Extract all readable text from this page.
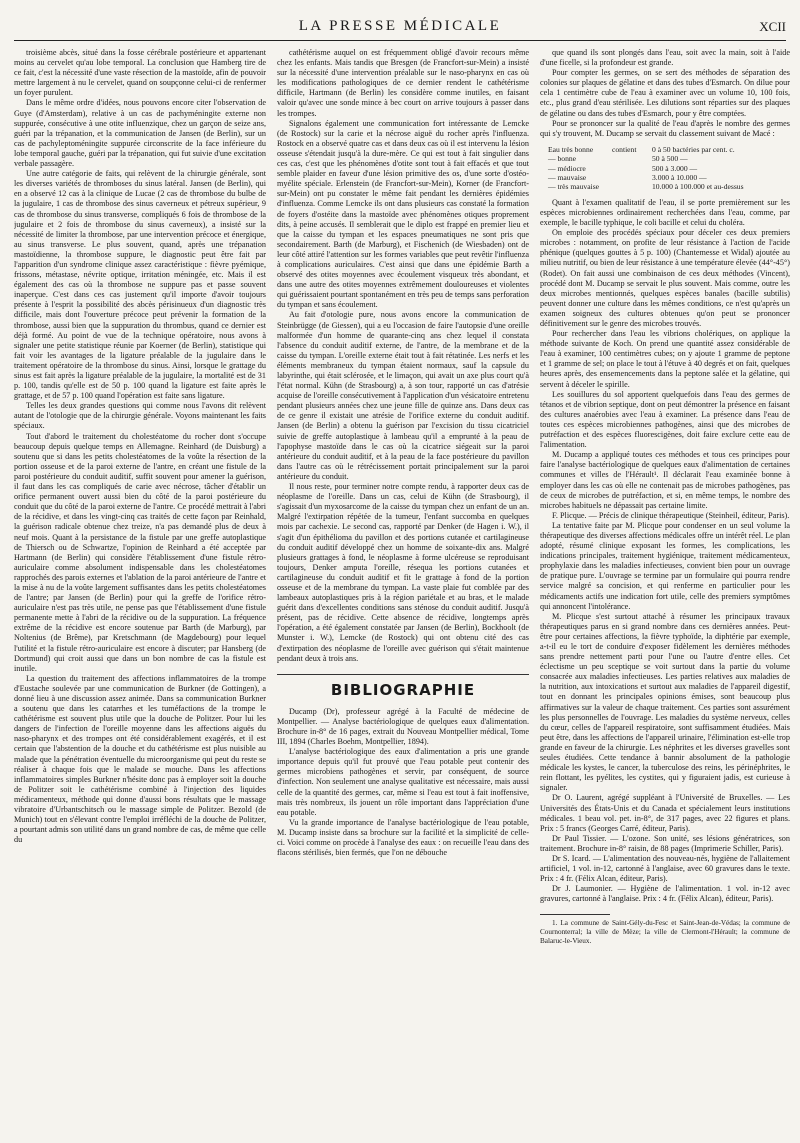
LA PRESSE MÉDICALE	XCII

troisième abcès, situé dans la fosse cérébrale postérieure et appartenant moins au cervelet qu'au lobe temporal. La conclusion que Hamberg tire de ce fait, c'est la nécessité d'une vaste résection de la mastoïde, afin de pouvoir mettre largement à nu le cervelet, quand on soupçonne celui-ci de renfermer un foyer purulent.

Dans le même ordre d'idées, nous pouvons encore citer l'observation de Guye (d'Amsterdam), relative à un cas de pachyméningite externe non suppurée, consécutive à une otite influenzique, chez un garçon de seize ans, guéri par la trépanation, et la communication de Jansen (de Berlin), sur un cas de pachyleptoméningite suppurée circonscrite de la face inférieure du lobe temporal gauche, guéri par la trépanation, qui fut suivie d'une excitation verbale passagère.

Une autre catégorie de faits, qui relèvent de la chirurgie générale, sont les diverses variétés de thromboses du sinus latéral. Jansen (de Berlin), qui en a observé 12 cas à la clinique de Lucae (2 cas de thrombose du bulbe de la jugulaire, 1 cas de thrombose des sinus caverneux et pétreux supérieur, 9 cas de thrombose du sinus transverse, compliqués 6 fois de thrombose de la jugulaire et 2 fois de thrombose du sinus caverneux), a insisté sur la nécessité de limiter la thrombose, par une intervention précoce et énergique, au sinus transverse. Le plus souvent, quand, après une trépanation mastoïdienne, la thrombose suppure, le diagnostic peut être fait par l'apparition d'un syndrome clinique assez caractéristique : fièvre pyémique, frissons, métastase, névrite optique, irritation méningée, etc. Mais il est également des cas où la thrombose ne suppure pas et passe souvent inaperçue. C'est dans ces cas justement qu'il importe d'avoir toujours présente à l'esprit la possibilité des abcès périsinueux d'un diagnostic très difficile, mais dont l'ouverture précoce peut prévenir la formation de la thrombose, aussi bien que la suppuration du thrombus, quand ce dernier est déjà formé. Au point de vue de la technique opératoire, nous avons à signaler une petite statistique réunie par Koerner (de Berlin), statistique qui fait voir les avantages de la ligature préalable de la jugulaire dans le traitement opératoire de la thrombose du sinus. Ainsi, lorsque le grattage du sinus est fait après la ligature préalable de la jugulaire, la mortalité est de 31 p. 100, tandis qu'elle est de 50 p. 100 quand la ligature est faite après le grattage, et de 57 p. 100 quand l'opération est faite sans ligature.

Telles les deux grandes questions qui comme nous l'avons dit relèvent autant de l'otologie que de la chirurgie générale. Voyons maintenant les faits spéciaux.

Tout d'abord le traitement du cholestéatome du rocher dont s'occupe beaucoup depuis quelque temps en Allemagne. Reinhard (de Duisburg) a soutenu que si dans les petits cholestéatomes de la voûte la résection de la portion osseuse et de la paroi externe de l'antre, en créant une fistule de la paroi postérieure du conduit auditif, suffit souvent pour amener la guérison, il faut dans les cas compliqués de carie avec nécrose, tâcher d'établir un orifice permanent ouvert aussi bien du côté de la paroi postérieure du conduit que du côté de la paroi externe de l'antre. Ce procédé mettrait à l'abri de la récidive, et dans les vingt-cinq cas traités de cette façon par Reinhald, la guérison radicale obtenue chez treize, n'a pas demandé plus de deux à neuf mois. Quant à la persistance de la fistule par une greffe autoplastique de Thiersch ou de Schwartze, l'opinion de Reinhard a été acceptée par Hartmann (de Berlin) qui considère l'établissement d'une fistule rétro-auriculaire comme absolument indispensable dans les cholestéatomes rapprochés des parois externes et l'ablation de la paroi antérieure de l'antre et la mise à nu de la voûte largement suffisantes dans les petits cholestéatomes de l'antre; par Jansen (de Berlin) pour qui la greffe de l'orifice rétro-auriculaire n'est pas très utile, ne pense pas que l'établissement d'une fistule permanente mette à l'abri de la récidive ou de la suppuration. La fréquence extrême de la récidive est encore soutenue par Barth (de Marburg), par Noltenius (de Brême), par Kretschmann (de Magdebourg) pour lequel l'utilité et la fistule rétro-auriculaire est encore à discuter; par Hansberg (de Dortmund) qui croit aussi que dans un bon nombre de cas la fistule est inutile.

La question du traitement des affections inflammatoires de la trompe d'Eustache soulevée par une communication de Burkner (de Gottingen), a donné lieu à une discussion assez animée. Dans sa communication Burkner a soutenu que dans les catarrhes et les tuméfactions de la trompe le cathétérisme est souvent plus utile que la douche de Politzer. Pour lui les dangers de l'infection de l'oreille moyenne dans les affections aiguës du naso-pharynx et des trompes ont été considérablement exagérés, et il est certain que l'abstention de la douche et du cathétérisme est plus nuisible au malade que la pénétration éventuelle du microorganisme qui peut du reste se réaliser à chaque fois que le malade se mouche. Dans les affections inflammatoires simples Burkner n'hésite donc pas à employer soit la douche de Politzer soit le cathétérisme combiné à l'injection des liquides médicamenteux, méthode qui donne d'aussi bons résultats que le massage vibratoire d'Urbantschitsch ou le massage simple de Politzer. Bezold (de Munich) tout en s'élevant contre l'emploi irréfléchi de la douche de Politzer, a pourtant admis son utilité dans un grand nombre de cas, de même que celle du

cathétérisme auquel on est fréquemment obligé d'avoir recours même chez les enfants. Mais tandis que Bresgen (de Francfort-sur-Mein) a insisté sur la nécessité d'une intervention préalable sur le naso-pharynx en cas où les modifications pathologiques de ce dernier rendent le cathétérisme difficile, Hartmann (de Berlin) les considère comme inutiles, en faisant valoir qu'avec une sonde mince à bec court on arrive toujours à passer dans les trompes.

Signalons également une communication fort intéressante de Lemcke (de Rostock) sur la carie et la nécrose aiguë du rocher après l'influenza. Rostock en a observé quatre cas et dans deux cas où il est intervenu la lésion osseuse s'étendait jusqu'à la dure-mère. Ce qui est tout à fait singulier dans ces cas, c'est que les phénomènes d'otite sont tout à fait effacés et que tout semble plaider en faveur d'une lésion primitive des os, d'une sorte d'ostéo-myélite spéciale. Erlenstein (de Francfort-sur-Mein), Korner (de Francfort-sur-Mein) ont pu constater le même fait pendant les dernières épidémies d'influenza. Comme Lemcke ils ont dans plusieurs cas constaté la formation de foyers d'ostéite dans la mastoïde avec phénomènes otiques proprement dits, à peine accusés. Il semblerait que le diplo est frappé en premier lieu et que la caisse du tympan et les espaces pneumatiques ne sont pris que secondairement. Barth (de Marburg), et Fischenich (de Wiesbaden) ont de leur côté attiré l'attention sur les formes variables que peut revêtir l'influenza à complications auriculaires. C'est ainsi que dans une épidémie Barth a observé des otites moyennes avec écoulement visqueux très abondant, et dans une autre des otites moyennes extrêmement douloureuses et violentes qui guérissaient pourtant spontanément en très peu de temps sans perforation du tympan et sans écoulement.

Au fait d'otologie pure, nous avons encore la communication de Steinbrügge (de Giessen), qui a eu l'occasion de faire l'autopsie d'une oreille malformée d'un homme de quarante-cinq ans chez lequel il constata l'absence du conduit auditif externe, de l'antre, de la membrane et de la caisse du tympan. L'oreille externe était tout à fait rétatinée. Les nerfs et les éléments membraneux du tympan étaient normaux, sauf la capsule du labyrinthe, qui était sclérosée, et le limaçon, qui avait un axe plus court qu'à l'état normal. Kühn (de Strasbourg) a, à son tour, rapporté un cas d'atrésie acquise de l'oreille consécutivement à l'application d'un vésicatoire entretenu pendant plusieurs années chez une jeune fille de quinze ans. Dans deux cas de ce genre il existait une atrésie de l'orifice externe du conduit auditif. Jansen (de Berlin) a obtenu la guérison par l'excision du tissu cicatriciel suivie de greffe autoplastique à lambeau qu'il a emprunté à la peau de l'apophyse mastoïde dans le cas où la cicatrice siégeait sur la paroi antérieure du conduit auditif, et à la peau de la face postérieure du pavillon dans l'autre cas où le rétrécissement portait principalement sur la paroi antérieure du conduit.

Il nous reste, pour terminer notre compte rendu, à rapporter deux cas de néoplasme de l'oreille. Dans un cas, celui de Kühn (de Strasbourg), il s'agissait d'un myxosarcome de la caisse du tympan chez un enfant de un an. Malgré l'extirpation répétée de la tumeur, l'enfant succomba en quelques mois par cachexie. Le second cas, rapporté par Denker (de Hagen i. W.), il s'agit d'un épithélioma du pavillon et des portions cutanée et cartilagineuse du conduit auditif développé chez un homme de soixante-dix ans. Malgré plusieurs grattages à fond, le néoplasme à forme ulcéreuse se reproduisant toujours, Denker amputa l'oreille, résequa les portions cutanées et cartilagineuse du conduit auditif et fit le grattage à fond de la portion osseuse et de la membrane du tympan. La vaste plaie fut comblée par des lambeaux autoplastiques pris à la région pariétale et au bras, et le malade guérit dans d'excellentes conditions sans sténose du conduit auditif. Jusqu'à présent, pas de récidive. Cette absence de récidive, longtemps après l'opération, a été également constatée par Jansen (de Berlin), Bockhoolt (de Munster i. W.), Lemcke (de Rostock) qui ont obtenu cité des cas d'extirpation des néoplasme de l'oreille avec guérison qui s'était maintenue pendant deux à trois ans.

BIBLIOGRAPHIE

Ducamp (Dr), professeur agrégé à la Faculté de médecine de Montpellier. — Analyse bactériologique de quelques eaux d'alimentation. Brochure in-8° de 16 pages, extrait du Nouveau Montpellier médical, Tome III, 1894 (Charles Boehm, Montpellier, 1894).

L'analyse bactériologique des eaux d'alimentation a pris une grande importance depuis qu'il fut prouvé que l'eau potable peut contenir des germes microbiens pathogènes et servir, par conséquent, de source d'infection. Non seulement une analyse qualitative est nécessaire, mais aussi celle de la quantité des germes, car, même si l'eau est tout à fait inoffensive, mais très nombreux, ils jouent un rôle important dans l'appréciation d'une eau potable.

Vu la grande importance de l'analyse bactériologique de l'eau potable, M. Ducamp insiste dans sa brochure sur la facilité et la simplicité de celle-ci. Voici comme on procède à l'analyse des eaux : on recueille l'eau dans des flacons stérilisés, bien fermés, que l'on ne débouche

que quand ils sont plongés dans l'eau, soit avec la main, soit à l'aide d'une ficelle, si la profondeur est grande.

Pour compter les germes, on se sert des méthodes de séparation des colonies sur plaques de gélatine et dans des tubes d'Esmarch. On dilue pour cela 1 centimètre cube de l'eau à examiner avec un volume 10, 100 fois, etc., plus grand d'eau stérilisée. Les dilutions sont réparties sur des plaques de gélatine ou dans des tubes d'Esmarch, pour y être comptées.

Pour se prononcer sur la qualité de l'eau d'après le nombre des germes qui s'y trouvent, M. Ducamp se servait du classement suivant de Macé :

Eau très bonne	contient	0 à 50 bactéries par cent. c.
— bonne	50 à 500 —
— médiocre	500 à 3.000 —
— mauvaise	3.000 à 10.000 —
— très mauvaise	10.000 à 100.000 et au-dessus

Quant à l'examen qualitatif de l'eau, il se porte premièrement sur les espèces microbiennes ordinairement recherchées dans l'eau, comme, par exemple, le bacille typhique, le coli bacille et celui du choléra.

On emploie des procédés spéciaux pour déceler ces deux premiers microbes : notamment, on profite de leur résistance à l'action de l'acide phénique (quelques gouttes à 5 p. 100) (Chantemesse et Widal) ajoutée au milieu nutritif, ou bien de leur résistance à une température élevée (44°-45°) (Rodet). On fait aussi une combinaison de ces deux méthodes (Vincent), procédé dont M. Ducamp se servait le plus souvent. Mais comme, outre les deux microbes mentionnés, quelques espèces banales (bacille subtilis) peuvent donner une culture dans les mêmes conditions, ce n'est qu'après un examen soigneux des cultures obtenues qu'on peut se prononcer définitivement sur le genre des microbes trouvés.

Pour rechercher dans l'eau les vibrions cholériques, on applique la méthode suivante de Koch. On prend une quantité assez considérable de l'eau à examiner, 100 centimètres cubes; on y ajoute 1 gramme de peptone et 1 gramme de sel; on place le tout à l'étuve à 40 degrés et on fait, quelques heures après, des ensemencements dans la peptone salée et la gélatine, qui servent à déceler le spirille.

Les souillures du sol apportent quelquefois dans l'eau des germes de tétanos et de vibrion septique, dont on peut démontrer la présence en faisant des cultures anaérobies avec l'eau à examiner. La présence dans l'eau de toutes ces espèces microbiennes pathogènes, ainsi que des microbes de putréfaction et des espèces fluorescigènes, doit faire exclure cette eau de l'alimentation.

M. Ducamp a appliqué toutes ces méthodes et tous ces principes pour faire l'analyse bactériologique de quelques eaux d'alimentation de certaines communes et villes de l'Hérault¹. Il déclarait l'eau examinée bonne à employer dans les cas où elle ne contenait pas de microbes pathogènes, pas de ceux de microbes de putréfaction, et si, en même temps, le nombre des microbes habituels ne dépassait pas certaine limite.

F. Plicque. — Précis de clinique thérapeutique (Steinheil, éditeur, Paris).

La tentative faite par M. Plicque pour condenser en un seul volume la thérapeutique des diverses affections médicales offre un intérêt réel. Le plan adopté, résumé clinique exposant les formes, les complications, les indications principales, traitement hygiénique, traitement médicamenteux, prophylaxie dans les maladies infectieuses, convient bien pour un ouvrage de pratique pure. L'ouvrage se termine par un formulaire qui pourra rendre service malgré sa concision, et qui renferme en particulier pour les médicaments actifs une indication fort utile, celle des premiers symptômes qui annoncent l'intolérance.

M. Plicque s'est surtout attaché à résumer les principaux travaux thérapeutiques parus en si grand nombre dans ces dernières années. Peut-être pour certaines affections, la fièvre typhoïde, la diphtérie par exemple, a-t-il eu le tort de conduire d'exposer fidèlement les dernières méthodes sans prendre nettement parti pour l'une ou l'autre d'entre elles. Cet éclectisme un peu sceptique se voit surtout dans la partie du volume consacrée aux maladies infectieuses. Les parties relatives aux maladies de la nutrition, aux intoxications et surtout aux maladies de l'appareil digestif, tout en donnant les principales opinions émises, sont beaucoup plus affirmatives sur la valeur de chaque traitement. Ces parties sont assurément les plus personnelles de l'ouvrage. Les maladies du système nerveux, celles du cœur, celles de l'appareil respiratoire, sont suffisamment étudiées. Mais peut être, dans les affections de l'appareil urinaire, l'élimination est-elle trop grande en faveur de la chirurgie. Les néphrites et les diverses gravelles sont seules étudiées. Cette tendance à bannir absolument de la pathologie médicale les kystes, le cancer, la tuberculose des reins, les périnéphrites, le rein flottant, les pyélites, les cystites, qui y figuraient jadis, est curieuse à signaler.

Dr O. Laurent, agrégé suppléant à l'Université de Bruxelles. — Les Universités des États-Unis et du Canada et spécialement leurs institutions médicales. 1 beau vol. pet. in-8°, de 317 pages, avec 22 figures et plans. Prix : 5 francs (Georges Carré, éditeur, Paris).

Dr Paul Tissier. — L'ozone. Son unité, ses lésions génératrices, son traitement. Brochure in-8° raisin, de 88 pages (Imprimerie Schiller, Paris).

Dr S. Icard. — L'alimentation des nouveau-nés, hygiène de l'allaitement artificiel, 1 vol. in-12, cartonné à l'anglaise, avec 60 gravures dans le texte. Prix : 4 fr. (Félix Alcan, éditeur, Paris).

Dr J. Laumonier. — Hygiène de l'alimentation. 1 vol. in-12 avec gravures, cartonné à l'anglaise. Prix : 4 fr. (Félix Alcan), éditeur, Paris).

1. La commune de Saint-Gély-du-Fesc et Saint-Jean-de-Védas; la commune de Cournonterral; la ville de Mèze; la ville de Clermont-l'Hérault; la commune de Balaruc-le-Vieux.
